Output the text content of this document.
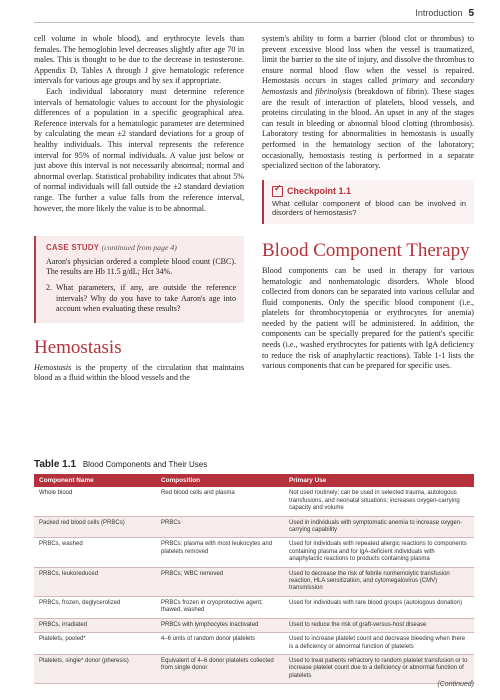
Introduction 5

cell volume in whole blood), and erythrocyte levels than females. The hemoglobin level decreases slightly after age 70 in males. This is thought to be due to the decrease in testosterone. Appendix D, Tables A through J give hematologic reference intervals for various age groups and by sex if appropriate.

Each individual laboratory must determine reference intervals of hematologic values to account for the physiologic differences of a population in a specific geographical area. Reference intervals for a hematologic parameter are determined by calculating the mean ±2 standard deviations for a group of healthy individuals. This interval represents the reference interval for 95% of normal individuals. A value just below or just above this interval is not necessarily abnormal; normal and abnormal overlap. Statistical probability indicates that about 5% of normal individuals will fall outside the ±2 standard deviation range. The further a value falls from the reference interval, however, the more likely the value is to be abnormal.

CASE STUDY (continued from page 4)
Aaron's physician ordered a complete blood count (CBC). The results are Hb 11.5 g/dL; Hct 34%.
2. What parameters, if any, are outside the reference intervals? Why do you have to take Aaron's age into account when evaluating these results?
Hemostasis

Hemostasis is the property of the circulation that maintains blood as a fluid within the blood vessels and the

system's ability to form a barrier (blood clot or thrombus) to prevent excessive blood loss when the vessel is traumatized, limit the barrier to the site of injury, and dissolve the thrombus to ensure normal blood flow when the vessel is repaired. Hemostasis occurs in stages called primary and secondary hemostasis and fibrinolysis (breakdown of fibrin). These stages are the result of interaction of platelets, blood vessels, and proteins circulating in the blood. An upset in any of the stages can result in bleeding or abnormal blood clotting (thrombosis). Laboratory testing for abnormalities in hemostasis is usually performed in the hematology section of the laboratory; occasionally, hemostasis testing is performed in a separate specialized section of the laboratory.

✓
Checkpoint 1.1
What cellular component of blood can be involved in disorders of hemostasis?
Blood Component Therapy

Blood components can be used in therapy for various hematologic and nonhematologic disorders. Whole blood collected from donors can be separated into various cellular and fluid components. Only the specific blood component (i.e., platelets for thrombocytopenia or erythrocytes for anemia) needed by the patient will be administered. In addition, the components can be specially prepared for the patient's specific needs (i.e., washed erythrocytes for patients with IgA deficiency to reduce the risk of anaphylactic reactions). Table 1-1 lists the various components that can be prepared for specific uses.

Table 1.1 Blood Components and Their Uses
Component Name	Composition	Primary Use
Whole blood	Red blood cells and plasma	Not used routinely; can be used in selected trauma, autologous transfusions, and neonatal situations; increases oxygen-carrying capacity and volume
Packed red blood cells (PRBCs)	PRBCs	Used in individuals with symptomatic anemia to increase oxygen-carrying capability
PRBCs, washed	PRBCs; plasma with most leukocytes and platelets removed	Used for individuals with repeated allergic reactions to components containing plasma and for IgA-deficient individuals with anaphylactic reactions to products containing plasma
PRBCs, leukoreduced	PRBCs; WBC removed	Used to decrease the risk of febrile nonhemolytic transfusion reaction, HLA sensitization, and cytomegalovirus (CMV) transmission
PRBCs, frozen, deglycerolized	PRBCs frozen in cryoprotective agent; thawed, washed	Used for individuals with rare blood groups (autologous donation)
PRBCs, irradiated	PRBCs with lymphocytes inactivated	Used to reduce the risk of graft-versus-host disease
Platelets, pooled*	4–6 units of random donor platelets	Used to increase platelet count and decrease bleeding when there is a deficiency or abnormal function of platelets
Platelets, single* donor (pheresis)	Equivalent of 4–6 donor platelets collected from single donor	Used to treat patients refractory to random platelet transfusion or to increase platelet count due to a deficiency or abnormal function of platelets
(Continued)
